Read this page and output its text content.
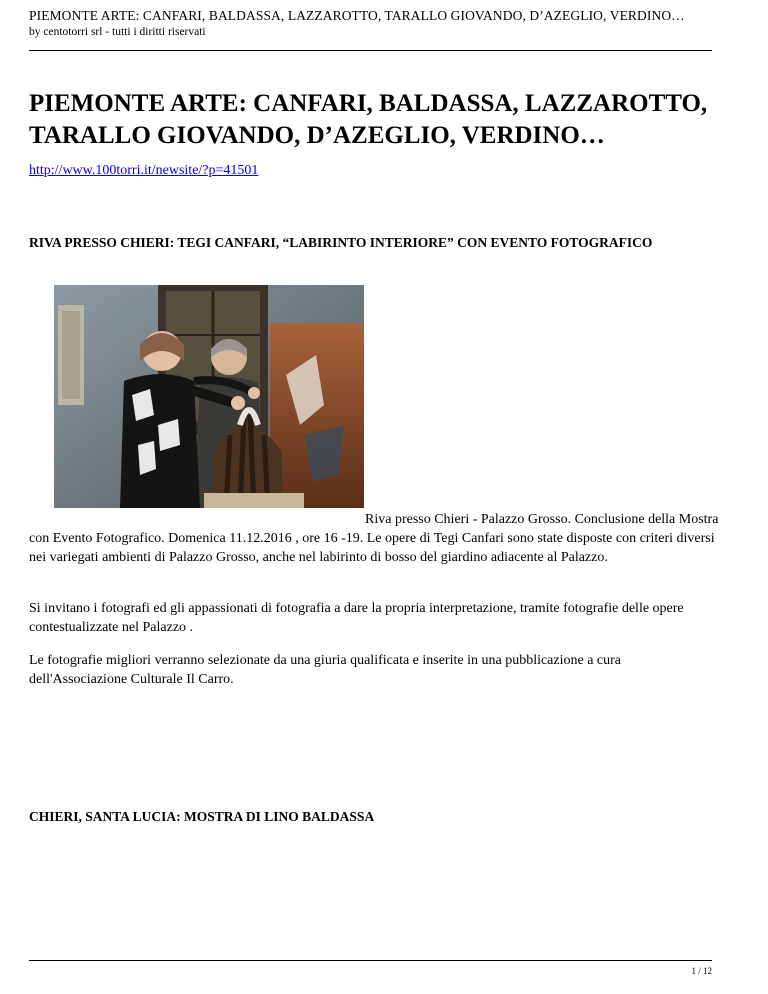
PIEMONTE ARTE: CANFARI, BALDASSA, LAZZAROTTO, TARALLO GIOVANDO, D’AZEGLIO, VERDINO…
by centotorri srl - tutti i diritti riservati
PIEMONTE ARTE: CANFARI, BALDASSA, LAZZAROTTO, TARALLO GIOVANDO, D’AZEGLIO, VERDINO…
http://www.100torri.it/newsite/?p=41501
RIVA PRESSO CHIERI: TEGI CANFARI, “LABIRINTO INTERIORE” CON EVENTO FOTOGRAFICO

Riva presso Chieri - Palazzo Grosso. Conclusione della Mostra con Evento Fotografico. Domenica 11.12.2016 , ore 16 -19. Le opere di Tegi Canfari sono state disposte con criteri diversi nei variegati ambienti di Palazzo Grosso, anche nel labirinto di bosso del giardino adiacente al Palazzo.

Si invitano i fotografi ed gli appassionati di fotografia a dare la propria interpretazione, tramite fotografie delle opere contestualizzate nel Palazzo .

Le fotografie migliori verranno selezionate da una giuria qualificata e inserite in una pubblicazione a cura dell'Associazione Culturale Il Carro.

CHIERI, SANTA LUCIA: MOSTRA DI LINO BALDASSA
1 / 12
